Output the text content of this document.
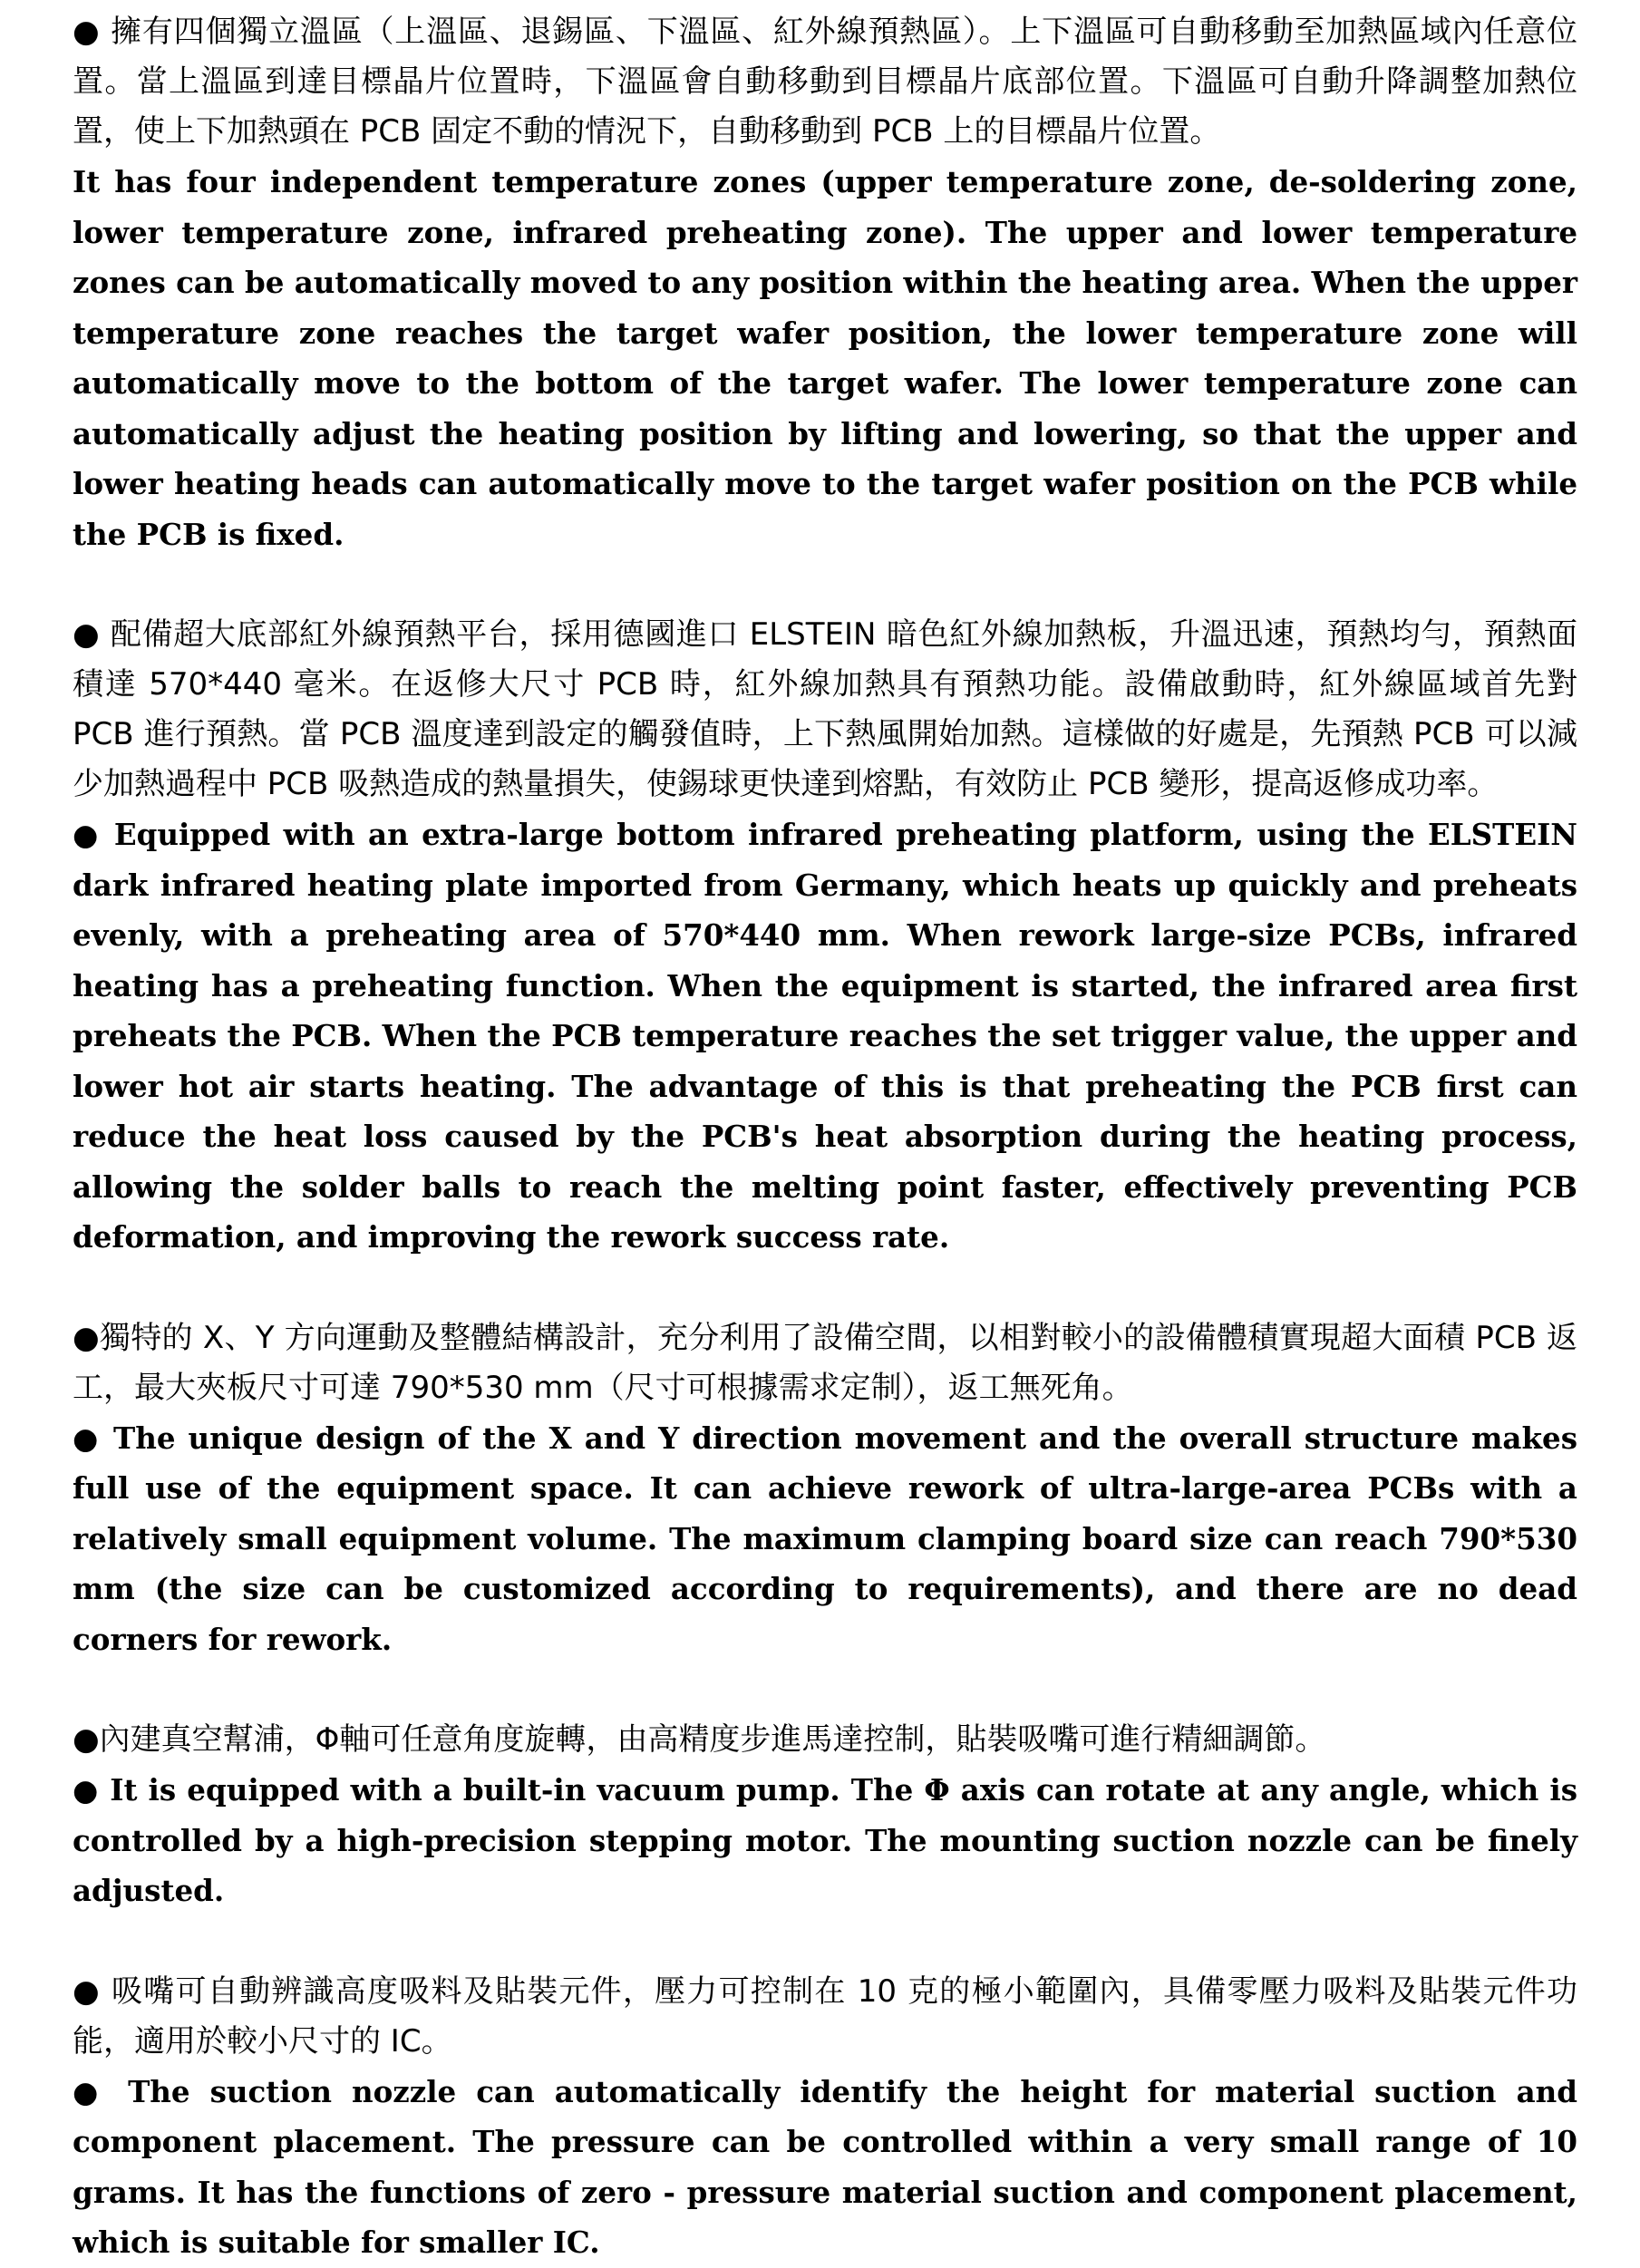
● 擁有四個獨立溫區（上溫區、退錫區、下溫區、紅外線預熱區）。上下溫區可自動移動至加熱區域內任意位置。當上溫區到達目標晶片位置時，下溫區會自動移動到目標晶片底部位置。下溫區可自動升降調整加熱位置，使上下加熱頭在 PCB 固定不動的情況下，自動移動到 PCB 上的目標晶片位置。

It has four independent temperature zones (upper temperature zone, de-soldering zone, lower temperature zone, infrared preheating zone). The upper and lower temperature zones can be automatically moved to any position within the heating area. When the upper temperature zone reaches the target wafer position, the lower temperature zone will automatically move to the bottom of the target wafer. The lower temperature zone can automatically adjust the heating position by lifting and lowering, so that the upper and lower heating heads can automatically move to the target wafer position on the PCB while the PCB is fixed.

● 配備超大底部紅外線預熱平台，採用德國進口 ELSTEIN 暗色紅外線加熱板，升溫迅速，預熱均勻，預熱面積達 570*440 毫米。在返修大尺寸 PCB 時，紅外線加熱具有預熱功能。設備啟動時，紅外線區域首先對 PCB 進行預熱。當 PCB 溫度達到設定的觸發值時，上下熱風開始加熱。這樣做的好處是，先預熱 PCB 可以減少加熱過程中 PCB 吸熱造成的熱量損失，使錫球更快達到熔點，有效防止 PCB 變形，提高返修成功率。

● Equipped with an extra-large bottom infrared preheating platform, using the ELSTEIN dark infrared heating plate imported from Germany, which heats up quickly and preheats evenly, with a preheating area of 570*440 mm. When rework large-size PCBs, infrared heating has a preheating function. When the equipment is started, the infrared area first preheats the PCB. When the PCB temperature reaches the set trigger value, the upper and lower hot air starts heating. The advantage of this is that preheating the PCB first can reduce the heat loss caused by the PCB's heat absorption during the heating process, allowing the solder balls to reach the melting point faster, effectively preventing PCB deformation, and improving the rework success rate.

●獨特的 X、Y 方向運動及整體結構設計，充分利用了設備空間，以相對較小的設備體積實現超大面積 PCB 返工，最大夾板尺寸可達 790*530 mm（尺寸可根據需求定制），返工無死角。

● The unique design of the X and Y direction movement and the overall structure makes full use of the equipment space. It can achieve rework of ultra-large-area PCBs with a relatively small equipment volume. The maximum clamping board size can reach 790*530 mm (the size can be customized according to requirements), and there are no dead corners for rework.

●內建真空幫浦，Φ軸可任意角度旋轉，由高精度步進馬達控制，貼裝吸嘴可進行精細調節。

● It is equipped with a built-in vacuum pump. The Φ axis can rotate at any angle, which is controlled by a high-precision stepping motor. The mounting suction nozzle can be finely adjusted.

● 吸嘴可自動辨識高度吸料及貼裝元件，壓力可控制在 10 克的極小範圍內，具備零壓力吸料及貼裝元件功能，適用於較小尺寸的 IC。

● The suction nozzle can automatically identify the height for material suction and component placement. The pressure can be controlled within a very small range of 10 grams. It has the functions of zero - pressure material suction and component placement, which is suitable for smaller IC.
